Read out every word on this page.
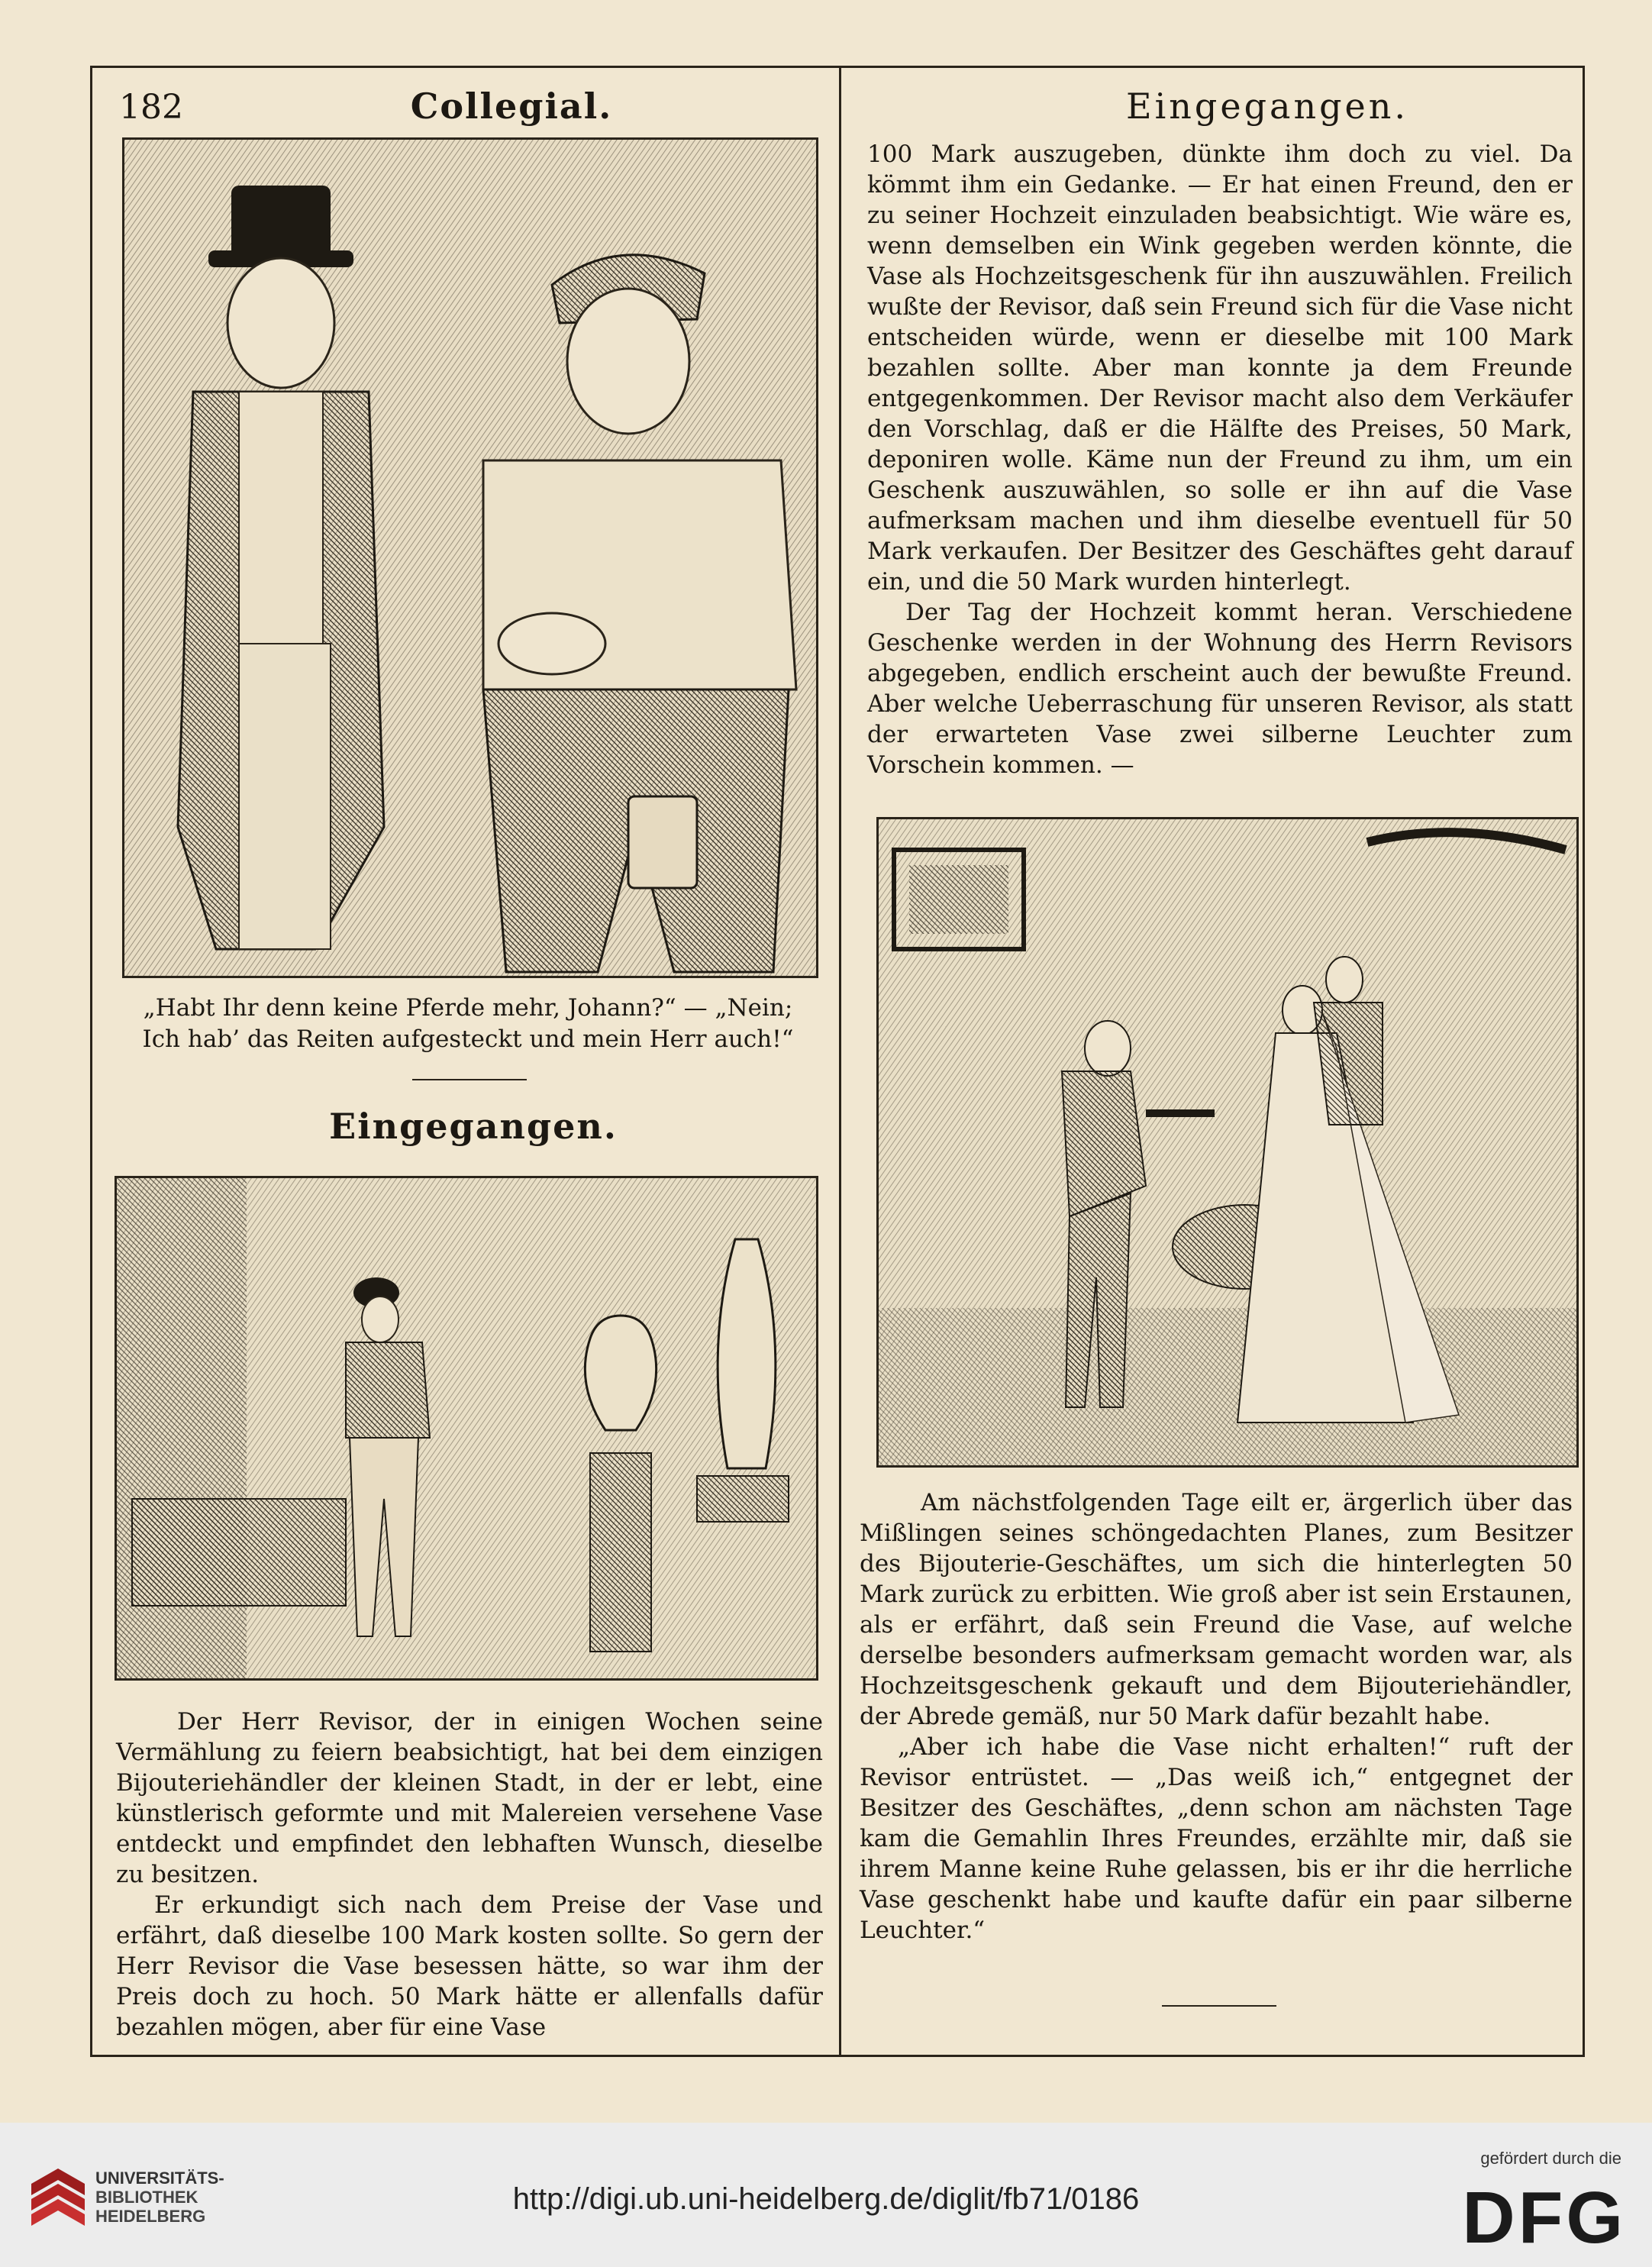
182	Collegial.	Eingegangen.
„Habt Ihr denn keine Pferde mehr, Johann?“ — „Nein; Ich hab’ das Reiten aufgesteckt und mein Herr auch!“
Eingegangen.

Der Herr Revisor, der in einigen Wochen seine Vermählung zu feiern beabsichtigt, hat bei dem einzigen Bijouteriehändler der kleinen Stadt, in der er lebt, eine künstlerisch geformte und mit Malereien versehene Vase entdeckt und empfindet den lebhaften Wunsch, dieselbe zu besitzen.

Er erkundigt sich nach dem Preise der Vase und erfährt, daß dieselbe 100 Mark kosten sollte. So gern der Herr Revisor die Vase besessen hätte, so war ihm der Preis doch zu hoch. 50 Mark hätte er allenfalls dafür bezahlen mögen, aber für eine Vase

100 Mark auszugeben, dünkte ihm doch zu viel. Da kömmt ihm ein Gedanke. — Er hat einen Freund, den er zu seiner Hochzeit einzuladen beabsichtigt. Wie wäre es, wenn demselben ein Wink gegeben werden könnte, die Vase als Hochzeitsgeschenk für ihn auszuwählen. Freilich wußte der Revisor, daß sein Freund sich für die Vase nicht entscheiden würde, wenn er dieselbe mit 100 Mark bezahlen sollte. Aber man konnte ja dem Freunde entgegenkommen. Der Revisor macht also dem Verkäufer den Vorschlag, daß er die Hälfte des Preises, 50 Mark, deponiren wolle. Käme nun der Freund zu ihm, um ein Geschenk auszuwählen, so solle er ihn auf die Vase aufmerksam machen und ihm dieselbe eventuell für 50 Mark verkaufen. Der Besitzer des Geschäftes geht darauf ein, und die 50 Mark wurden hinterlegt.

Der Tag der Hochzeit kommt heran. Verschiedene Geschenke werden in der Wohnung des Herrn Revisors abgegeben, endlich erscheint auch der bewußte Freund. Aber welche Ueberraschung für unseren Revisor, als statt der erwarteten Vase zwei silberne Leuchter zum Vorschein kommen. —

Am nächstfolgenden Tage eilt er, ärgerlich über das Mißlingen seines schöngedachten Planes, zum Besitzer des Bijouterie-Geschäftes, um sich die hinterlegten 50 Mark zurück zu erbitten. Wie groß aber ist sein Erstaunen, als er erfährt, daß sein Freund die Vase, auf welche derselbe besonders aufmerksam gemacht worden war, als Hochzeitsgeschenk gekauft und dem Bijouteriehändler, der Abrede gemäß, nur 50 Mark dafür bezahlt habe.

„Aber ich habe die Vase nicht erhalten!“ ruft der Revisor entrüstet. — „Das weiß ich,“ entgegnet der Besitzer des Geschäftes, „denn schon am nächsten Tage kam die Gemahlin Ihres Freundes, erzählte mir, daß sie ihrem Manne keine Ruhe gelassen, bis er ihr die herrliche Vase geschenkt habe und kaufte dafür ein paar silberne Leuchter.“

UNIVERSITÄTS-
BIBLIOTHEK
HEIDELBERG
http://digi.ub.uni-heidelberg.de/diglit/fb71/0186
gefördert durch die
DFG
